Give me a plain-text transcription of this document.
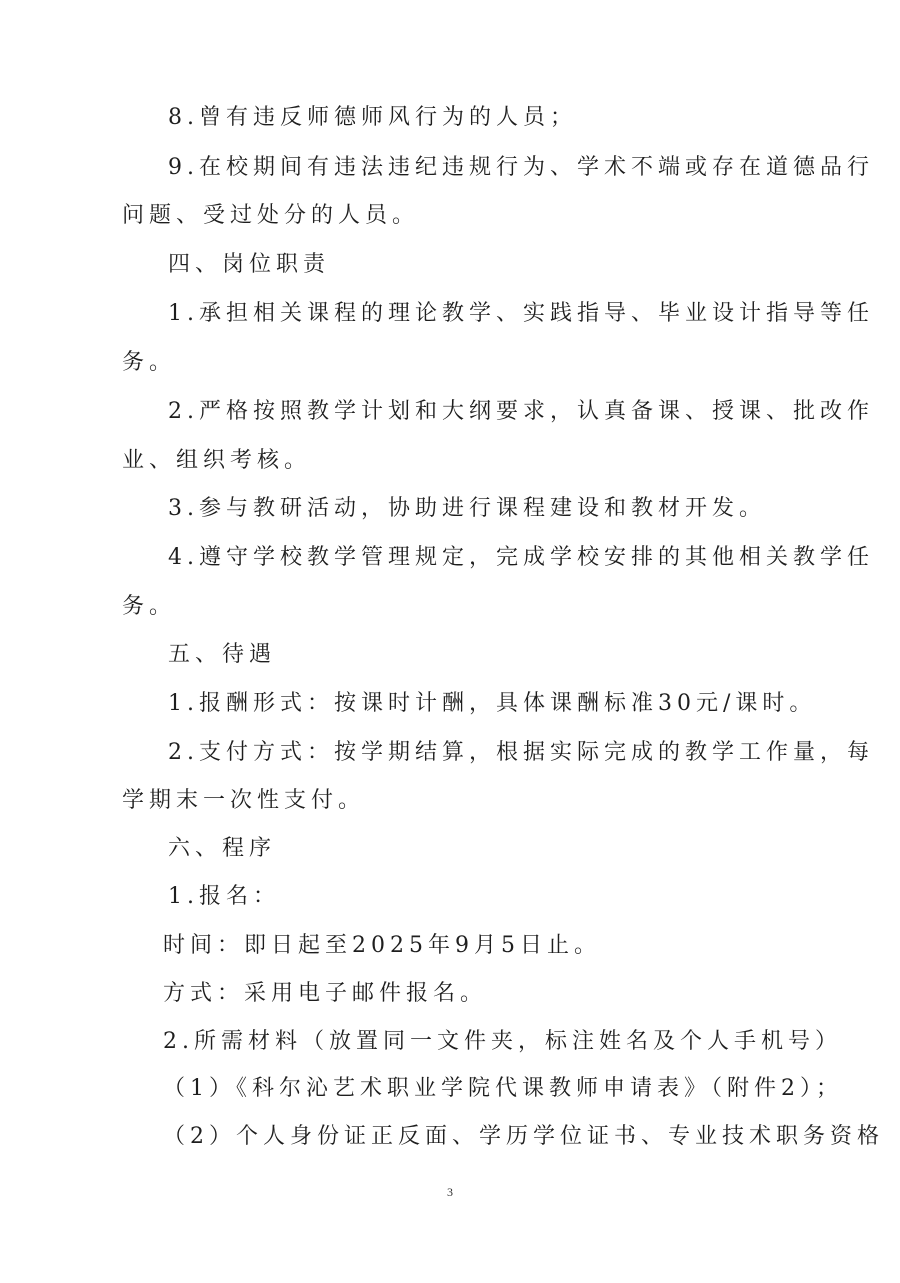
8.曾有违反师德师风行为的人员；
9.在校期间有违法违纪违规行为、学术不端或存在道德品行
问题、受过处分的人员。
四、岗位职责
1.承担相关课程的理论教学、实践指导、毕业设计指导等任
务。
2.严格按照教学计划和大纲要求，认真备课、授课、批改作
业、组织考核。
3.参与教研活动，协助进行课程建设和教材开发。
4.遵守学校教学管理规定，完成学校安排的其他相关教学任
务。
五、待遇
1.报酬形式：按课时计酬，具体课酬标准30元/课时。
2.支付方式：按学期结算，根据实际完成的教学工作量，每
学期末一次性支付。
六、程序
1.报名：
时间：即日起至2025年9月5日止。
方式：采用电子邮件报名。
2.所需材料（放置同一文件夹，标注姓名及个人手机号）
（1）《科尔沁艺术职业学院代课教师申请表》（附件2）；
（2）个人身份证正反面、学历学位证书、专业技术职务资格
3
